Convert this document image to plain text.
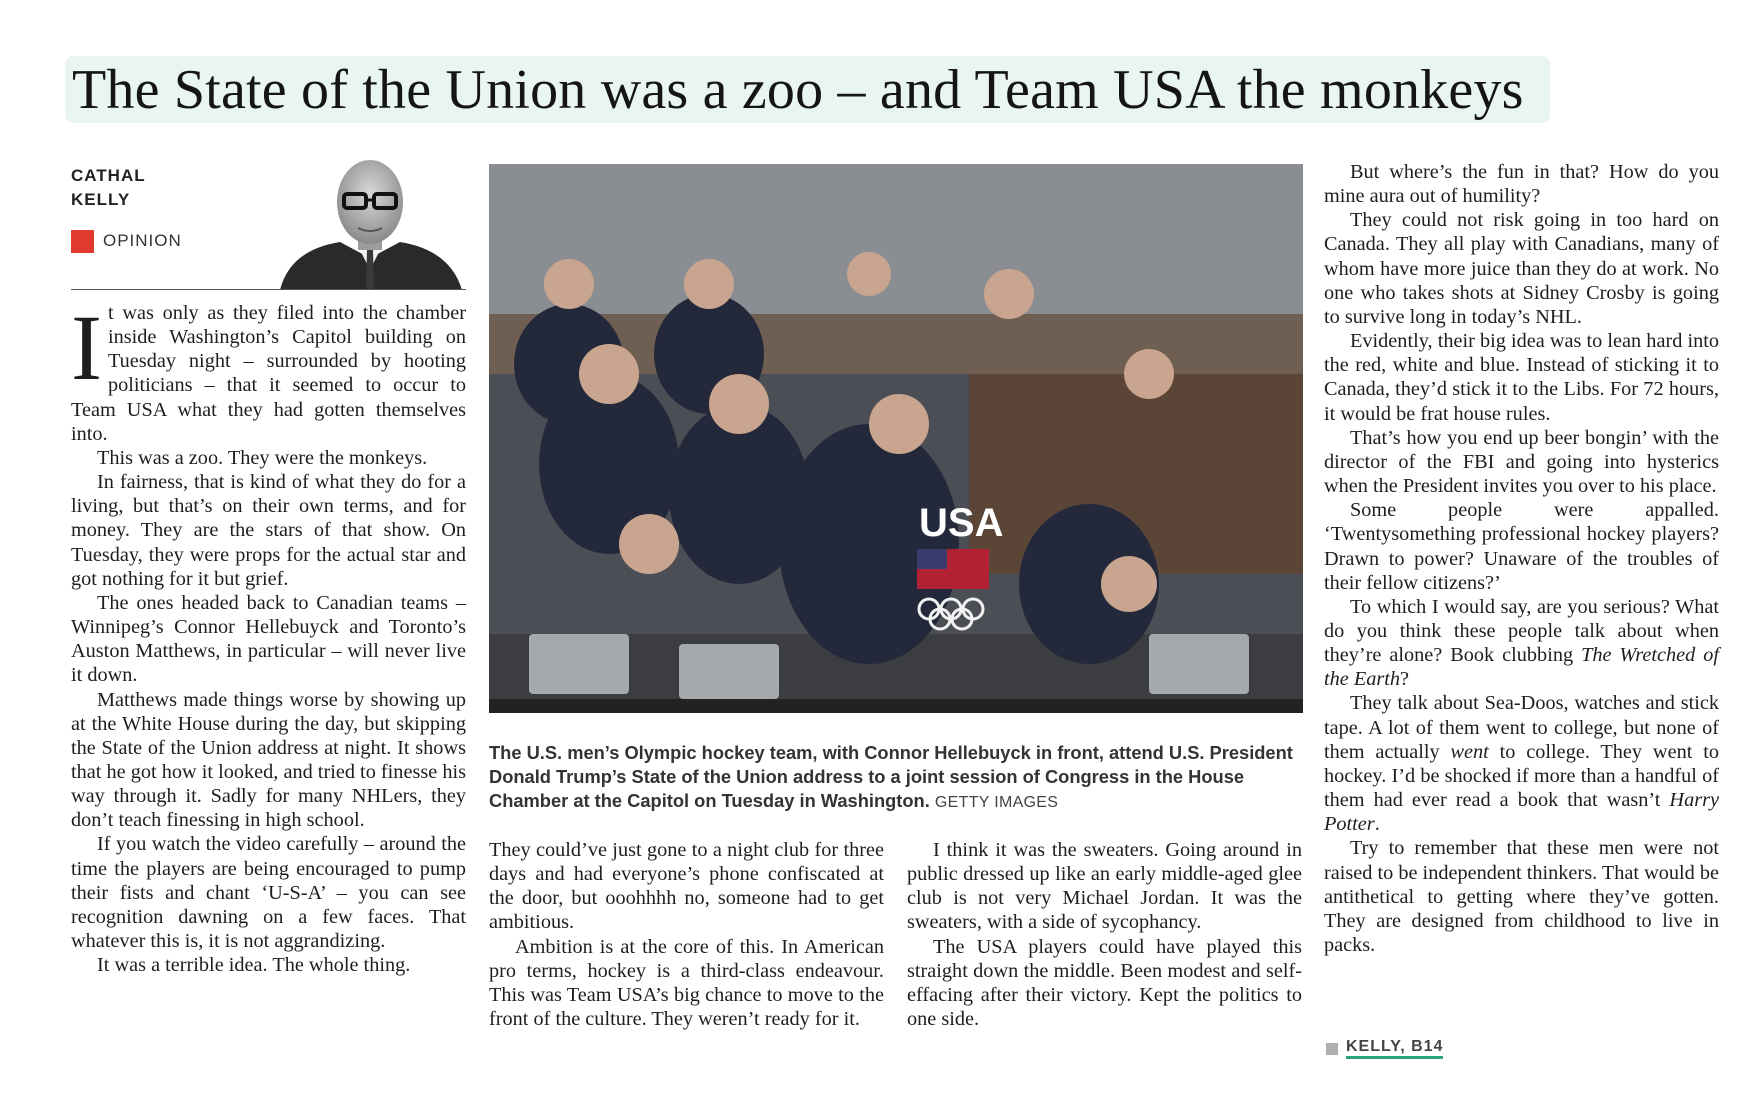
The State of the Union was a zoo – and Team USA the monkeys
CATHAL
KELLY
OPINION

It was only as they filed into the chamber inside Washington’s Capitol building on Tuesday night – surrounded by hooting politicians – that it seemed to occur to Team USA what they had gotten themselves into.

This was a zoo. They were the monkeys.

In fairness, that is kind of what they do for a living, but that’s on their own terms, and for money. They are the stars of that show. On Tuesday, they were props for the actual star and got nothing for it but grief.

The ones headed back to Canadian teams – Winnipeg’s Connor Hellebuyck and Toronto’s Auston Matthews, in particular – will never live it down.

Matthews made things worse by showing up at the White House during the day, but skipping the State of the Union address at night. It shows that he got how it looked, and tried to finesse his way through it. Sadly for many NHLers, they don’t teach finessing in high school.

If you watch the video carefully – around the time the players are being encouraged to pump their fists and chant ‘U-S-A’ – you can see recognition dawning on a few faces. That whatever this is, it is not aggrandizing.

It was a terrible idea. The whole thing.

USA
The U.S. men’s Olympic hockey team, with Connor Hellebuyck in front, attend U.S. President Donald Trump’s State of the Union address to a joint session of Congress in the House Chamber at the Capitol on Tuesday in Washington. GETTY IMAGES

They could’ve just gone to a night club for three days and had everyone’s phone confiscated at the door, but ooohhhh no, someone had to get ambitious.

Ambition is at the core of this. In American pro terms, hockey is a third-class endeavour. This was Team USA’s big chance to move to the front of the culture. They weren’t ready for it.

I think it was the sweaters. Going around in public dressed up like an early middle-aged glee club is not very Michael Jordan. It was the sweaters, with a side of sycophancy.

The USA players could have played this straight down the middle. Been modest and self-effacing after their victory. Kept the politics to one side.

But where’s the fun in that? How do you mine aura out of humility?

They could not risk going in too hard on Canada. They all play with Canadians, many of whom have more juice than they do at work. No one who takes shots at Sidney Crosby is going to survive long in today’s NHL.

Evidently, their big idea was to lean hard into the red, white and blue. Instead of sticking it to Canada, they’d stick it to the Libs. For 72 hours, it would be frat house rules.

That’s how you end up beer bongin’ with the director of the FBI and going into hysterics when the President invites you over to his place.

Some people were appalled. ‘Twentysomething professional hockey players? Drawn to power? Unaware of the troubles of their fellow citizens?’

To which I would say, are you serious? What do you think these people talk about when they’re alone? Book clubbing The Wretched of the Earth?

They talk about Sea-Doos, watches and stick tape. A lot of them went to college, but none of them actually went to college. They went to hockey. I’d be shocked if more than a handful of them had ever read a book that wasn’t Harry Potter.

Try to remember that these men were not raised to be independent thinkers. That would be antithetical to getting where they’ve gotten. They are designed from childhood to live in packs.

KELLY, B14
